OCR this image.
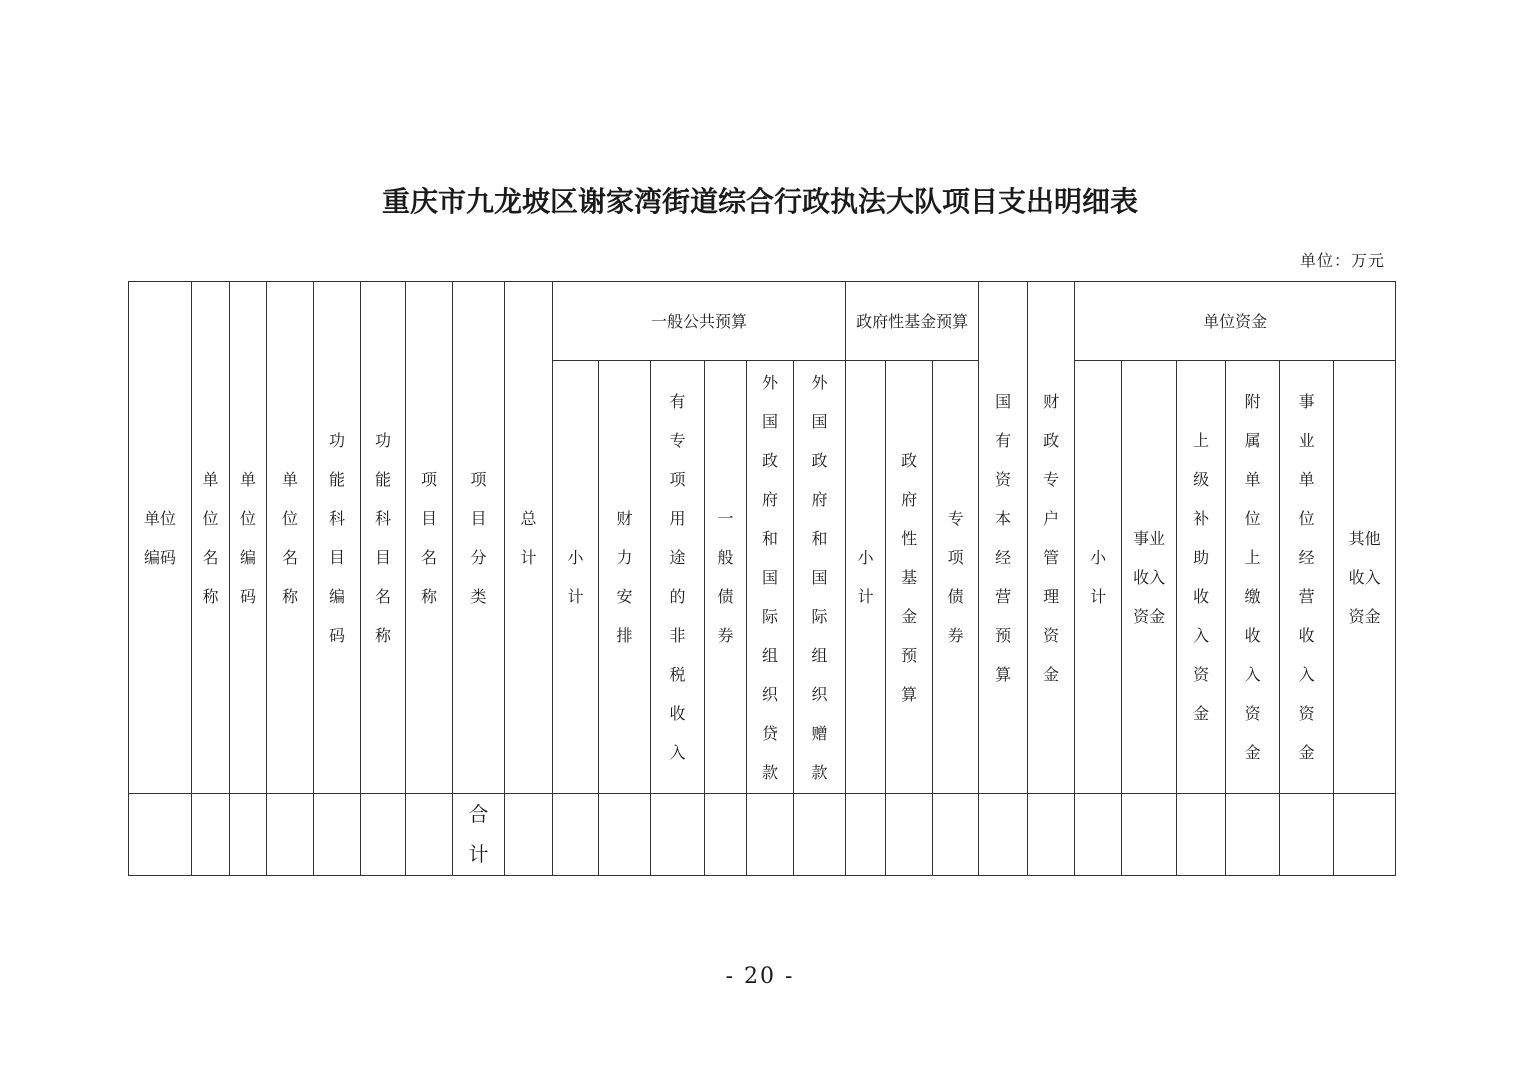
重庆市九龙坡区谢家湾街道综合行政执法大队项目支出明细表
单位：万元
单位编码	单位名称	单位编码	单位名称	功能科目编码	功能科目名称	项目名称	项目分类	总计	一般公共预算						政府性基金预算			国有资本经营预算	财政专户管理资金	单位资金					
									小计	财力安排	有专项用途的非税收入	一般债券	外国政府和国际组织贷款	外国政府和国际组织赠款	小计	政府性基金预算	专项债券			小计	事业收入资金	上级补助收入资金	附属单位上缴收入资金	事业单位经营收入资金	其他收入资金
							合计																		
- 20 -
